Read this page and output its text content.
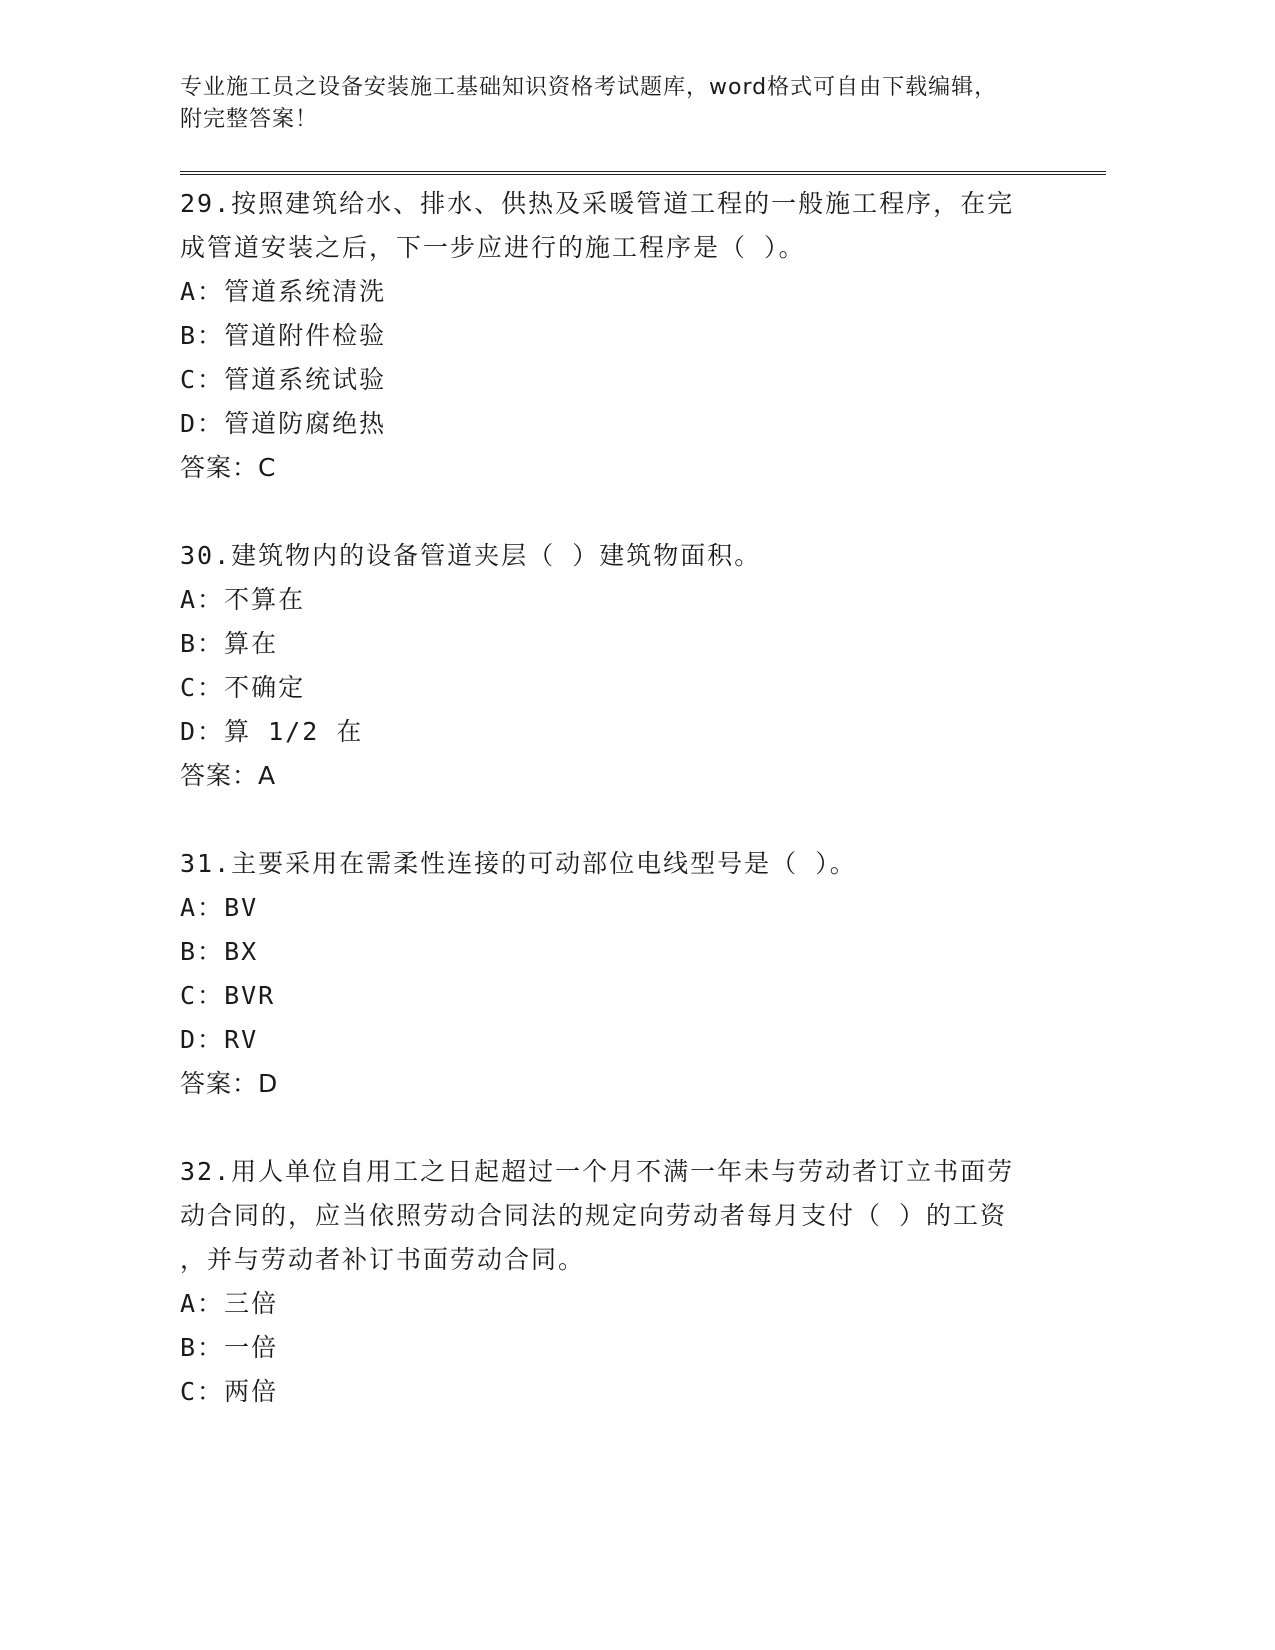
专业施工员之设备安装施工基础知识资格考试题库，word格式可自由下载编辑，
附完整答案！
29.按照建筑给水、排水、供热及采暖管道工程的一般施工程序，在完
成管道安装之后，下一步应进行的施工程序是（ ）。
A： 管道系统清洗
B： 管道附件检验
C： 管道系统试验
D： 管道防腐绝热
答案：C
30.建筑物内的设备管道夹层（ ）建筑物面积。
A： 不算在
B： 算在
C： 不确定
D： 算 1/2 在
答案：A
31.主要采用在需柔性连接的可动部位电线型号是（ ）。
A： BV
B： BX
C： BVR
D： RV
答案：D
32.用人单位自用工之日起超过一个月不满一年未与劳动者订立书面劳
动合同的，应当依照劳动合同法的规定向劳动者每月支付（ ）的工资
，并与劳动者补订书面劳动合同。
A： 三倍
B： 一倍
C： 两倍
